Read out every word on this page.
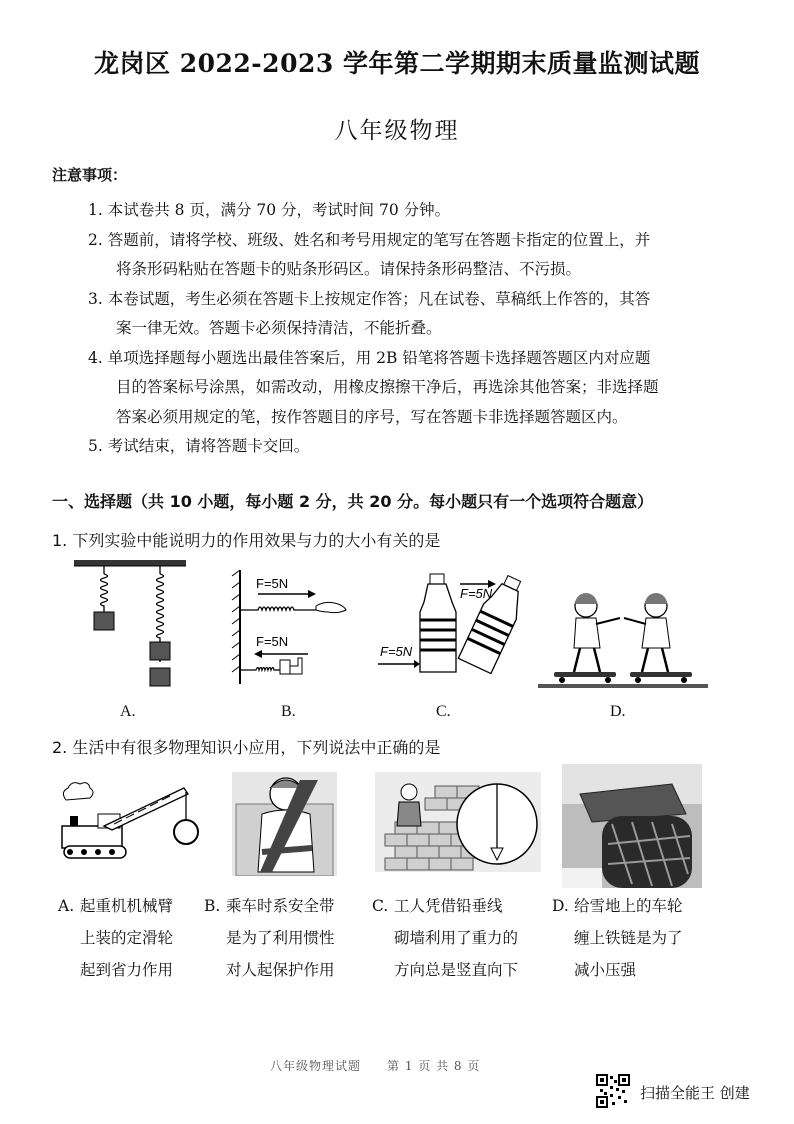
龙岗区 2022-2023 学年第二学期期末质量监测试题
八年级物理
注意事项：

1. 本试卷共 8 页，满分 70 分，考试时间 70 分钟。

2. 答题前，请将学校、班级、姓名和考号用规定的笔写在答题卡指定的位置上，并

将条形码粘贴在答题卡的贴条形码区。请保持条形码整洁、不污损。

3. 本卷试题，考生必须在答题卡上按规定作答；凡在试卷、草稿纸上作答的，其答

案一律无效。答题卡必须保持清洁，不能折叠。

4. 单项选择题每小题选出最佳答案后，用 2B 铅笔将答题卡选择题答题区内对应题

目的答案标号涂黑，如需改动，用橡皮擦擦干净后，再选涂其他答案；非选择题

答案必须用规定的笔，按作答题目的序号，写在答题卡非选择题答题区内。

5. 考试结束，请将答题卡交回。

一、选择题（共 10 小题，每小题 2 分，共 20 分。每小题只有一个选项符合题意）
1. 下列实验中能说明力的作用效果与力的大小有关的是
F=5N
F=5N
F=5N
F=5N
A.	B.	C.	D.
2. 生活中有很多物理知识小应用，下列说法中正确的是
A. 起重机机械臂
上装的定滑轮
起到省力作用
B. 乘车时系安全带
是为了利用惯性
对人起保护作用
C. 工人凭借铅垂线
砌墙利用了重力的
方向总是竖直向下
D. 给雪地上的车轮
缠上铁链是为了
减小压强
八年级物理试题　　第 1 页 共 8 页
扫描全能王 创建
